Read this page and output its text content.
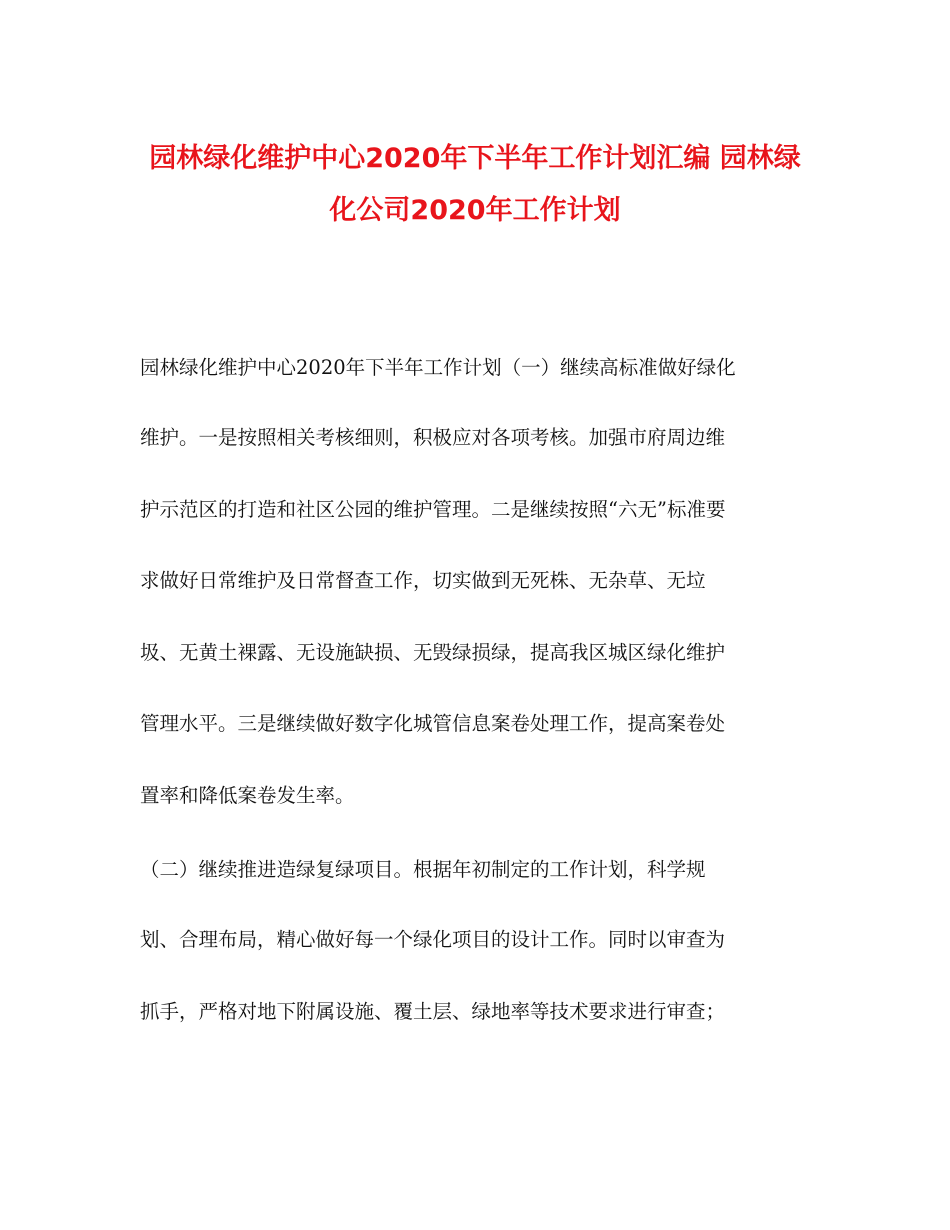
园林绿化维护中心2020年下半年工作计划汇编 园林绿
化公司2020年工作计划
园林绿化维护中心2020年下半年工作计划（一）继续高标准做好绿化
维护。一是按照相关考核细则，积极应对各项考核。加强市府周边维
护示范区的打造和社区公园的维护管理。二是继续按照“六无”标准要
求做好日常维护及日常督查工作，切实做到无死株、无杂草、无垃
圾、无黄土裸露、无设施缺损、无毁绿损绿，提高我区城区绿化维护
管理水平。三是继续做好数字化城管信息案卷处理工作，提高案卷处
置率和降低案卷发生率。
（二）继续推进造绿复绿项目。根据年初制定的工作计划，科学规
划、合理布局，精心做好每一个绿化项目的设计工作。同时以审查为
抓手，严格对地下附属设施、覆土层、绿地率等技术要求进行审查；
